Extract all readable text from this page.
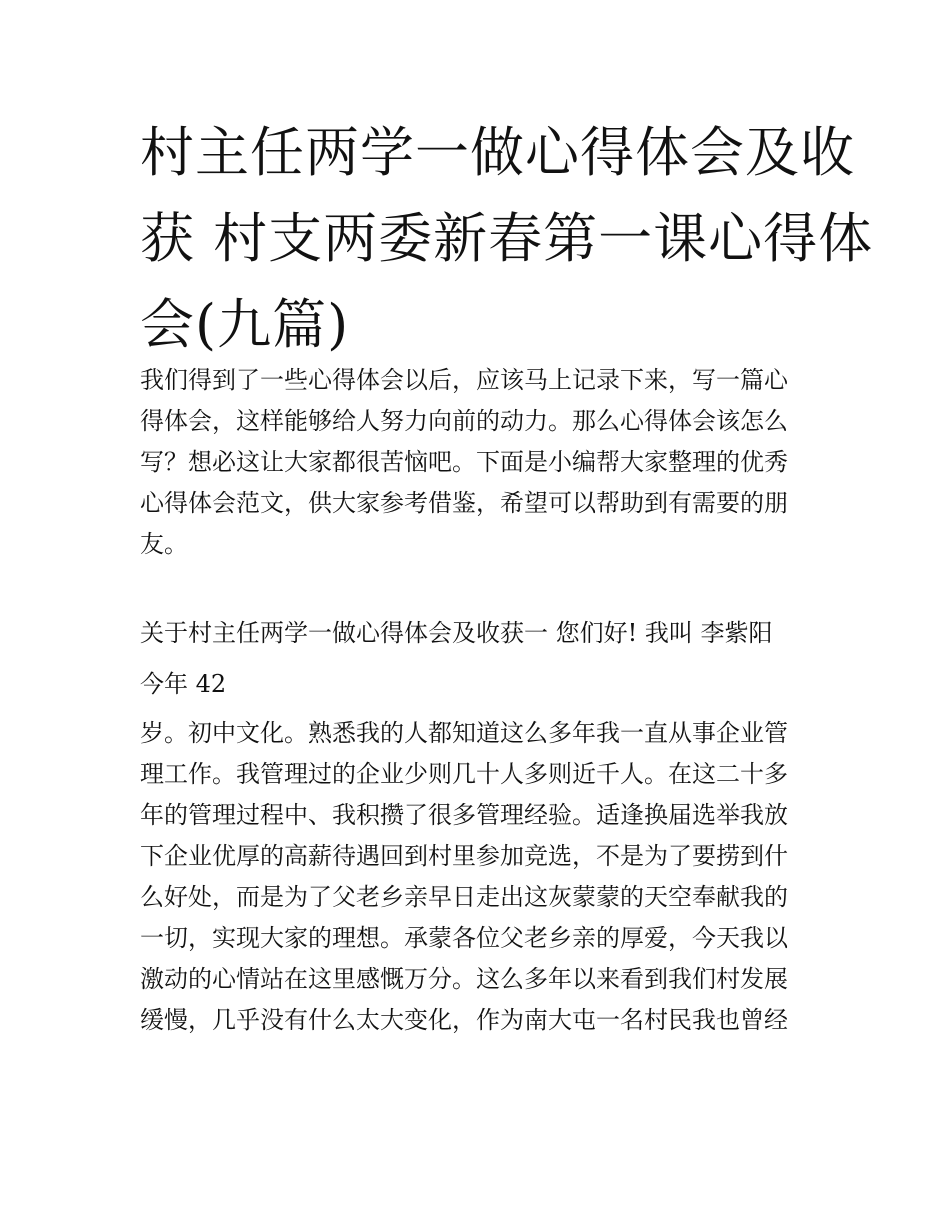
村主任两学一做心得体会及收
获 村支两委新春第一课心得体
会(九篇)

我们得到了一些心得体会以后，应该马上记录下来，写一篇心
得体会，这样能够给人努力向前的动力。那么心得体会该怎么
写？想必这让大家都很苦恼吧。下面是小编帮大家整理的优秀
心得体会范文，供大家参考借鉴，希望可以帮助到有需要的朋
友。

关于村主任两学一做心得体会及收获一 您们好! 我叫 李紫阳

今年 42

岁。初中文化。熟悉我的人都知道这么多年我一直从事企业管
理工作。我管理过的企业少则几十人多则近千人。在这二十多
年的管理过程中、我积攒了很多管理经验。适逢换届选举我放
下企业优厚的高薪待遇回到村里参加竞选，不是为了要捞到什
么好处，而是为了父老乡亲早日走出这灰蒙蒙的天空奉献我的
一切，实现大家的理想。承蒙各位父老乡亲的厚爱，今天我以
激动的心情站在这里感慨万分。这么多年以来看到我们村发展
缓慢，几乎没有什么太大变化，作为南大屯一名村民我也曾经
